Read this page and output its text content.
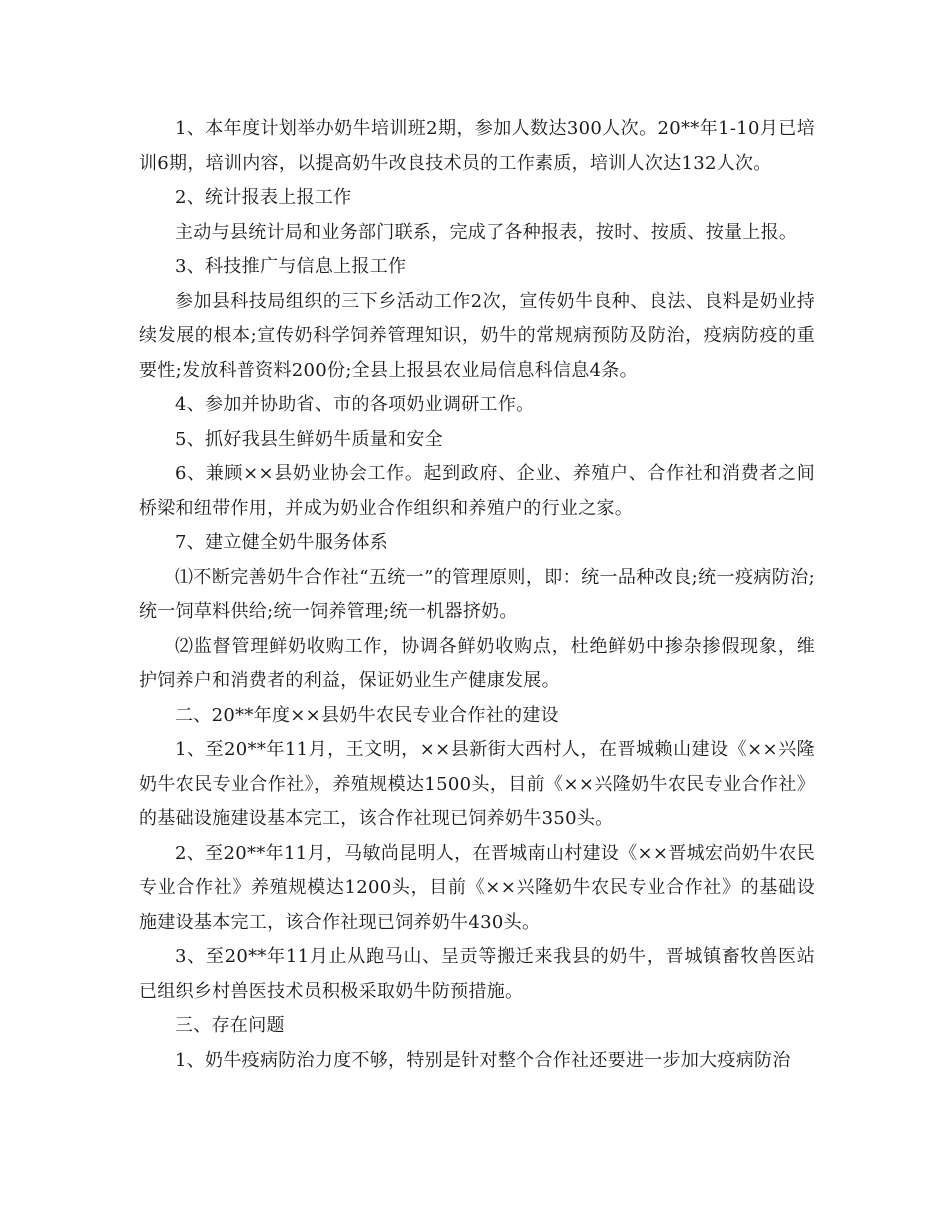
1、本年度计划举办奶牛培训班2期，参加人数达300人次。20**年1-10月已培训6期，培训内容，以提高奶牛改良技术员的工作素质，培训人次达132人次。

2、统计报表上报工作

主动与县统计局和业务部门联系，完成了各种报表，按时、按质、按量上报。

3、科技推广与信息上报工作

参加县科技局组织的三下乡活动工作2次，宣传奶牛良种、良法、良料是奶业持续发展的根本;宣传奶科学饲养管理知识，奶牛的常规病预防及防治，疫病防疫的重要性;发放科普资料200份;全县上报县农业局信息科信息4条。

4、参加并协助省、市的各项奶业调研工作。

5、抓好我县生鲜奶牛质量和安全

6、兼顾××县奶业协会工作。起到政府、企业、养殖户、合作社和消费者之间桥梁和纽带作用，并成为奶业合作组织和养殖户的行业之家。

7、建立健全奶牛服务体系

⑴不断完善奶牛合作社“五统一”的管理原则，即：统一品种改良;统一疫病防治;统一饲草料供给;统一饲养管理;统一机器挤奶。

⑵监督管理鲜奶收购工作，协调各鲜奶收购点，杜绝鲜奶中掺杂掺假现象，维护饲养户和消费者的利益，保证奶业生产健康发展。

二、20**年度××县奶牛农民专业合作社的建设

1、至20**年11月，王文明，××县新街大西村人，在晋城赖山建设《××兴隆奶牛农民专业合作社》，养殖规模达1500头，目前《××兴隆奶牛农民专业合作社》的基础设施建设基本完工，该合作社现已饲养奶牛350头。

2、至20**年11月，马敏尚昆明人，在晋城南山村建设《××晋城宏尚奶牛农民专业合作社》养殖规模达1200头，目前《××兴隆奶牛农民专业合作社》的基础设施建设基本完工，该合作社现已饲养奶牛430头。

3、至20**年11月止从跑马山、呈贡等搬迁来我县的奶牛，晋城镇畜牧兽医站已组织乡村兽医技术员积极采取奶牛防预措施。

三、存在问题

1、奶牛疫病防治力度不够，特别是针对整个合作社还要进一步加大疫病防治
